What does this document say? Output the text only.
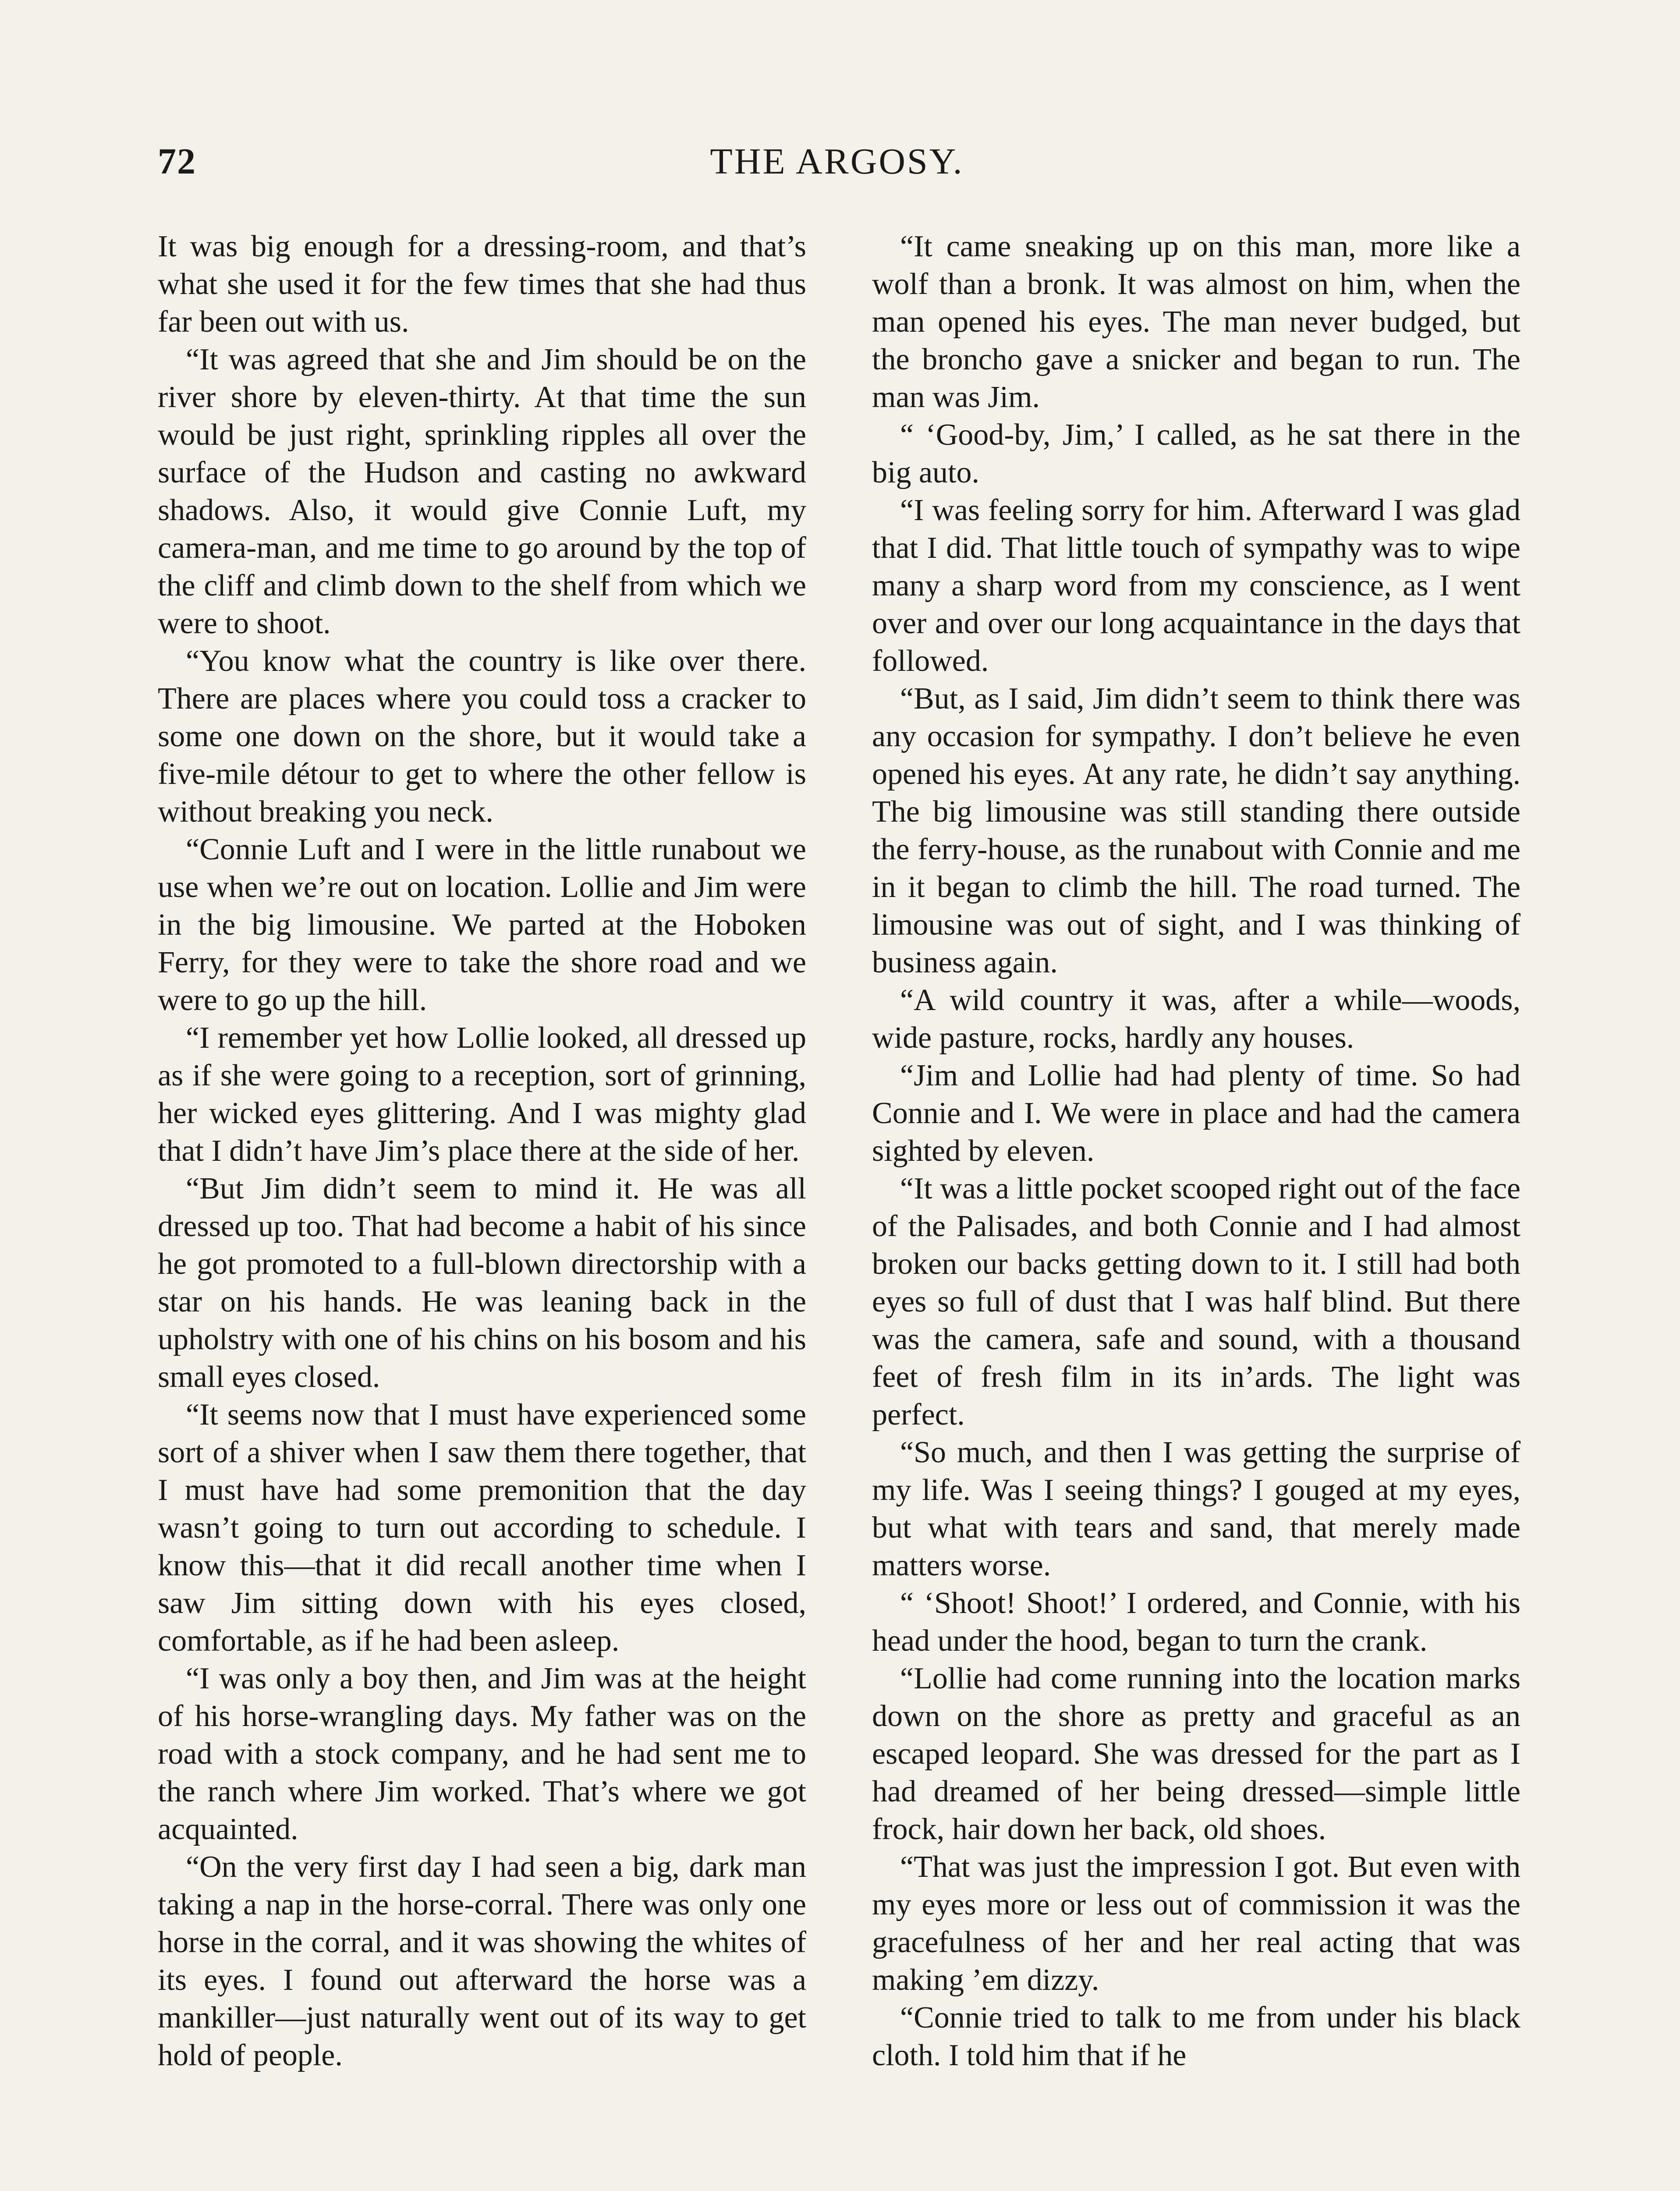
72	THE ARGOSY.

It was big enough for a dressing-room, and that’s what she used it for the few times that she had thus far been out with us.

“It was agreed that she and Jim should be on the river shore by eleven-thirty. At that time the sun would be just right, sprinkling ripples all over the surface of the Hudson and casting no awkward shadows. Also, it would give Connie Luft, my camera-man, and me time to go around by the top of the cliff and climb down to the shelf from which we were to shoot.

“You know what the country is like over there. There are places where you could toss a cracker to some one down on the shore, but it would take a five-mile détour to get to where the other fellow is without breaking you neck.

“Connie Luft and I were in the little runabout we use when we’re out on location. Lollie and Jim were in the big limousine. We parted at the Hoboken Ferry, for they were to take the shore road and we were to go up the hill.

“I remember yet how Lollie looked, all dressed up as if she were going to a reception, sort of grinning, her wicked eyes glittering. And I was mighty glad that I didn’t have Jim’s place there at the side of her.

“But Jim didn’t seem to mind it. He was all dressed up too. That had become a habit of his since he got promoted to a full-blown directorship with a star on his hands. He was leaning back in the upholstry with one of his chins on his bosom and his small eyes closed.

“It seems now that I must have experienced some sort of a shiver when I saw them there together, that I must have had some premonition that the day wasn’t going to turn out according to schedule. I know this—that it did recall another time when I saw Jim sitting down with his eyes closed, comfortable, as if he had been asleep.

“I was only a boy then, and Jim was at the height of his horse-wrangling days. My father was on the road with a stock company, and he had sent me to the ranch where Jim worked. That’s where we got acquainted.

“On the very first day I had seen a big, dark man taking a nap in the horse-corral. There was only one horse in the corral, and it was showing the whites of its eyes. I found out afterward the horse was a mankiller—just naturally went out of its way to get hold of people.

“It came sneaking up on this man, more like a wolf than a bronk. It was almost on him, when the man opened his eyes. The man never budged, but the broncho gave a snicker and began to run. The man was Jim.

“ ‘Good-by, Jim,’ I called, as he sat there in the big auto.

“I was feeling sorry for him. Afterward I was glad that I did. That little touch of sympathy was to wipe many a sharp word from my conscience, as I went over and over our long acquaintance in the days that followed.

“But, as I said, Jim didn’t seem to think there was any occasion for sympathy. I don’t believe he even opened his eyes. At any rate, he didn’t say anything. The big limousine was still standing there outside the ferry-house, as the runabout with Connie and me in it began to climb the hill. The road turned. The limousine was out of sight, and I was thinking of business again.

“A wild country it was, after a while—woods, wide pasture, rocks, hardly any houses.

“Jim and Lollie had had plenty of time. So had Connie and I. We were in place and had the camera sighted by eleven.

“It was a little pocket scooped right out of the face of the Palisades, and both Connie and I had almost broken our backs getting down to it. I still had both eyes so full of dust that I was half blind. But there was the camera, safe and sound, with a thousand feet of fresh film in its in’ards. The light was perfect.

“So much, and then I was getting the surprise of my life. Was I seeing things? I gouged at my eyes, but what with tears and sand, that merely made matters worse.

“ ‘Shoot! Shoot!’ I ordered, and Connie, with his head under the hood, began to turn the crank.

“Lollie had come running into the location marks down on the shore as pretty and graceful as an escaped leopard. She was dressed for the part as I had dreamed of her being dressed—simple little frock, hair down her back, old shoes.

“That was just the impression I got. But even with my eyes more or less out of commission it was the gracefulness of her and her real acting that was making ’em dizzy.

“Connie tried to talk to me from under his black cloth. I told him that if he
